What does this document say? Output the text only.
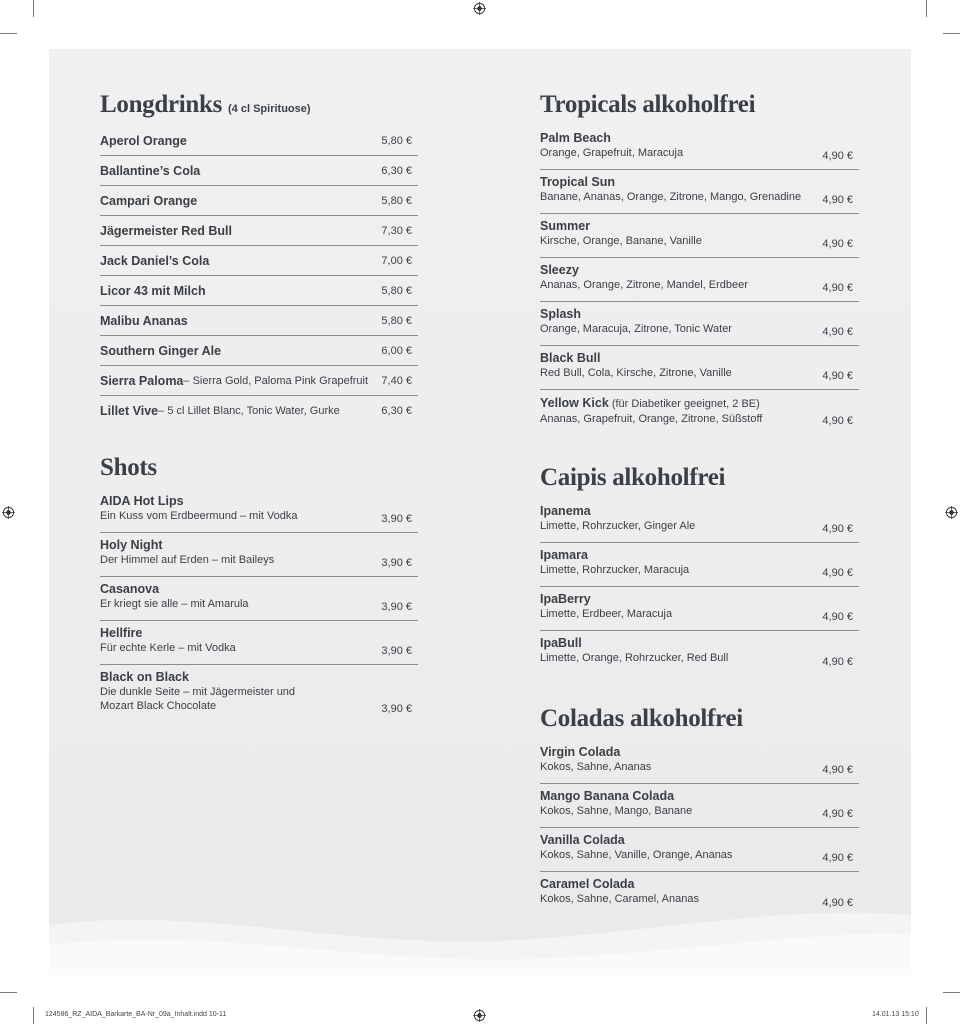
Longdrinks (4 cl Spirituose)
Aperol Orange	5,80 €
Ballantine’s Cola	6,30 €
Campari Orange	5,80 €
Jägermeister Red Bull	7,30 €
Jack Daniel’s Cola	7,00 €
Licor 43 mit Milch	5,80 €
Malibu Ananas	5,80 €
Southern Ginger Ale	6,00 €
Sierra Paloma – Sierra Gold, Paloma Pink Grapefruit 7,40 €
Lillet Vive – 5 cl Lillet Blanc, Tonic Water, Gurke	6,30 €
Shots
AIDA Hot Lips
Ein Kuss vom Erdbeermund – mit Vodka	3,90 €
Holy Night
Der Himmel auf Erden – mit Baileys	3,90 €
Casanova
Er kriegt sie alle – mit Amarula	3,90 €
Hellfire
Für echte Kerle – mit Vodka	3,90 €
Black on Black
Die dunkle Seite – mit Jägermeister und
Mozart Black Chocolate	3,90 €
Tropicals alkoholfrei
Palm Beach
Orange, Grapefruit, Maracuja	4,90 €
Tropical Sun
Banane, Ananas, Orange, Zitrone, Mango, Grenadine	4,90 €
Summer
Kirsche, Orange, Banane, Vanille	4,90 €
Sleezy
Ananas, Orange, Zitrone, Mandel, Erdbeer	4,90 €
Splash
Orange, Maracuja, Zitrone, Tonic Water	4,90 €
Black Bull
Red Bull, Cola, Kirsche, Zitrone, Vanille	4,90 €
Yellow Kick (für Diabetiker geeignet, 2 BE)
Ananas, Grapefruit, Orange, Zitrone, Süßstoff	4,90 €
Caipis alkoholfrei
Ipanema
Limette, Rohrzucker, Ginger Ale	4,90 €
Ipamara
Limette, Rohrzucker, Maracuja	4,90 €
IpaBerry
Limette, Erdbeer, Maracuja	4,90 €
IpaBull
Limette, Orange, Rohrzucker, Red Bull	4,90 €
Coladas alkoholfrei
Virgin Colada
Kokos, Sahne, Ananas	4,90 €
Mango Banana Colada
Kokos, Sahne, Mango, Banane	4,90 €
Vanilla Colada
Kokos, Sahne, Vanille, Orange, Ananas	4,90 €
Caramel Colada
Kokos, Sahne, Caramel, Ananas	4,90 €
124586_RZ_AIDA_Barkarte_BA-Nr_09a_Inhalt.indd 10-11	14.01.13 15:10
